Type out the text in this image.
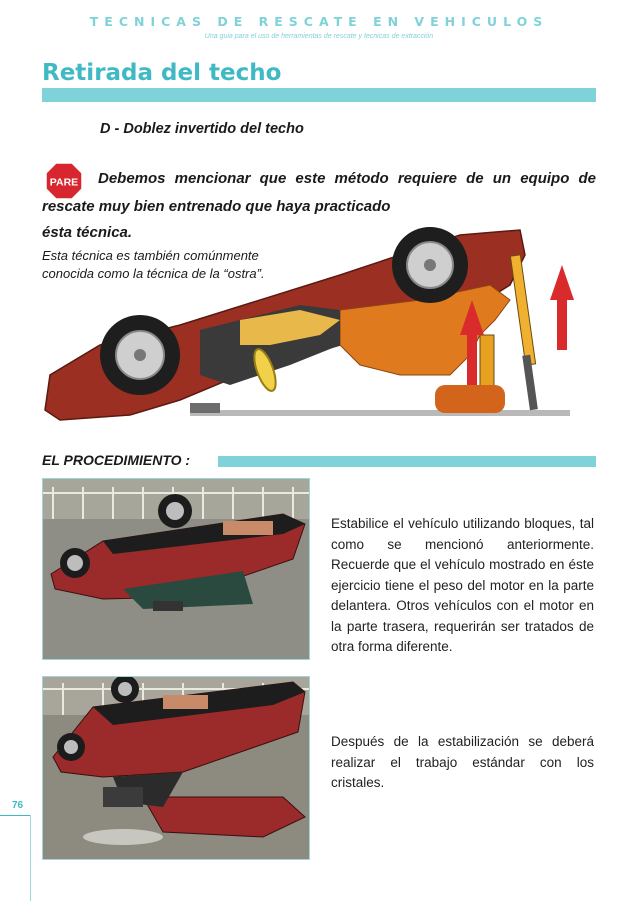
TECNICAS DE RESCATE EN VEHICULOS
Una guia para el uso de herramientas de rescate y tecnicas de extracción
Retirada del techo
D - Doblez invertido del techo
PARE Debemos mencionar que este método requiere de un equipo de
rescate muy bien entrenado que haya practicado
ésta técnica.
Esta técnica es también comúnmente conocida como la técnica de la “ostra”.
EL PROCEDIMIENTO :
Estabilice el vehículo utilizando bloques, tal como se mencionó anteriormente. Recuerde que el vehículo mostrado en éste ejercicio tiene el peso del motor en la parte delantera. Otros vehículos con el motor en la parte trasera, requerirán ser tratados de otra forma diferente.
Después de la estabilización se deberá realizar el trabajo estándar con los cristales.
76
